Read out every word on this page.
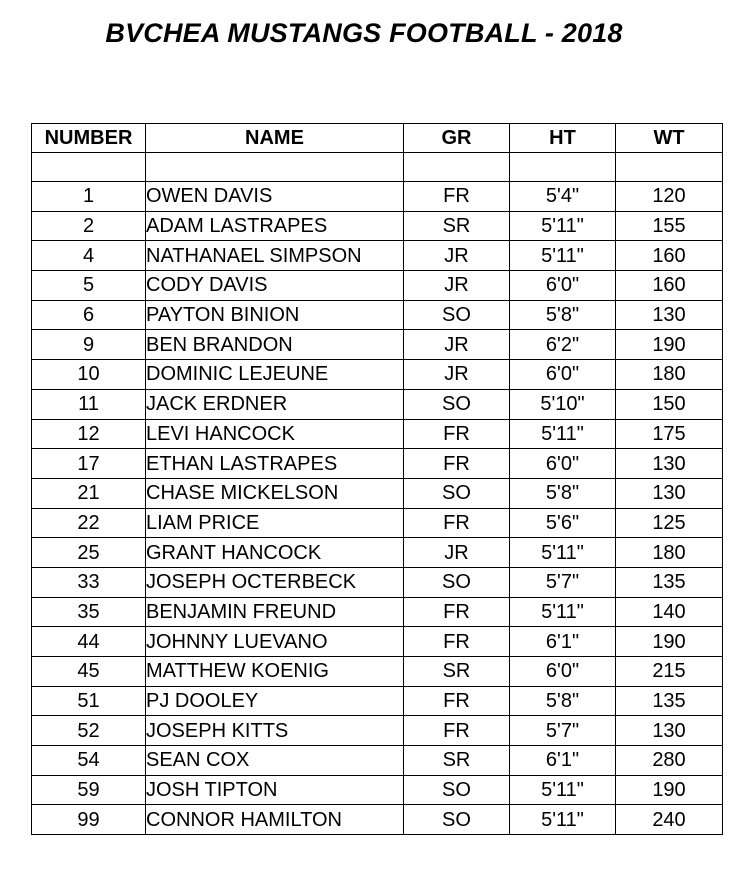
BVCHEA MUSTANGS FOOTBALL - 2018
NUMBER	NAME	GR	HT	WT

1	OWEN DAVIS	FR	5'4"	120
2	ADAM LASTRAPES	SR	5'11"	155
4	NATHANAEL SIMPSON	JR	5'11"	160
5	CODY DAVIS	JR	6'0"	160
6	PAYTON BINION	SO	5'8"	130
9	BEN BRANDON	JR	6'2"	190
10	DOMINIC LEJEUNE	JR	6'0"	180
11	JACK ERDNER	SO	5'10"	150
12	LEVI HANCOCK	FR	5'11"	175
17	ETHAN LASTRAPES	FR	6'0"	130
21	CHASE MICKELSON	SO	5'8"	130
22	LIAM PRICE	FR	5'6"	125
25	GRANT HANCOCK	JR	5'11"	180
33	JOSEPH OCTERBECK	SO	5'7"	135
35	BENJAMIN FREUND	FR	5'11"	140
44	JOHNNY LUEVANO	FR	6'1"	190
45	MATTHEW KOENIG	SR	6'0"	215
51	PJ DOOLEY	FR	5'8"	135
52	JOSEPH KITTS	FR	5'7"	130
54	SEAN COX	SR	6'1"	280
59	JOSH TIPTON	SO	5'11"	190
99	CONNOR HAMILTON	SO	5'11"	240
